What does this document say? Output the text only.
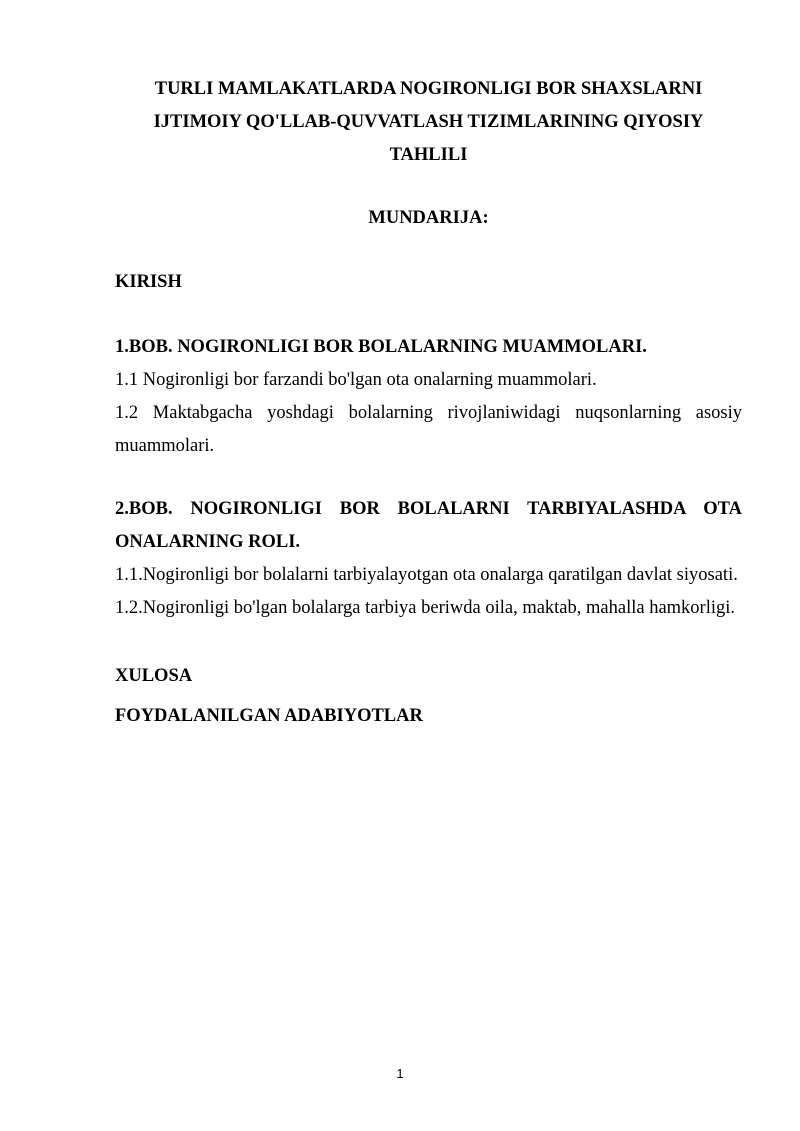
TURLI MAMLAKATLARDA NOGIRONLIGI BOR SHAXSLARNI
IJTIMOIY QO'LLAB-QUVVATLASH TIZIMLARINING QIYOSIY
TAHLILI

MUNDARIJA:

KIRISH

1.BOB. NOGIRONLIGI BOR BOLALARNING MUAMMOLARI.
1.1 Nogironligi bor farzandi bo'lgan ota onalarning muammolari.
1.2 Maktabgacha yoshdagi bolalarning rivojlaniwidagi nuqsonlarning asosiy muammolari.
2.BOB. NOGIRONLIGI BOR BOLALARNI TARBIYALASHDA OTA ONALARNING ROLI.
1.1.Nogironligi bor bolalarni tarbiyalayotgan ota onalarga qaratilgan davlat siyosati.
1.2.Nogironligi bo'lgan bolalarga tarbiya beriwda oila, maktab, mahalla hamkorligi.

XULOSA

FOYDALANILGAN ADABIYOTLAR

1
